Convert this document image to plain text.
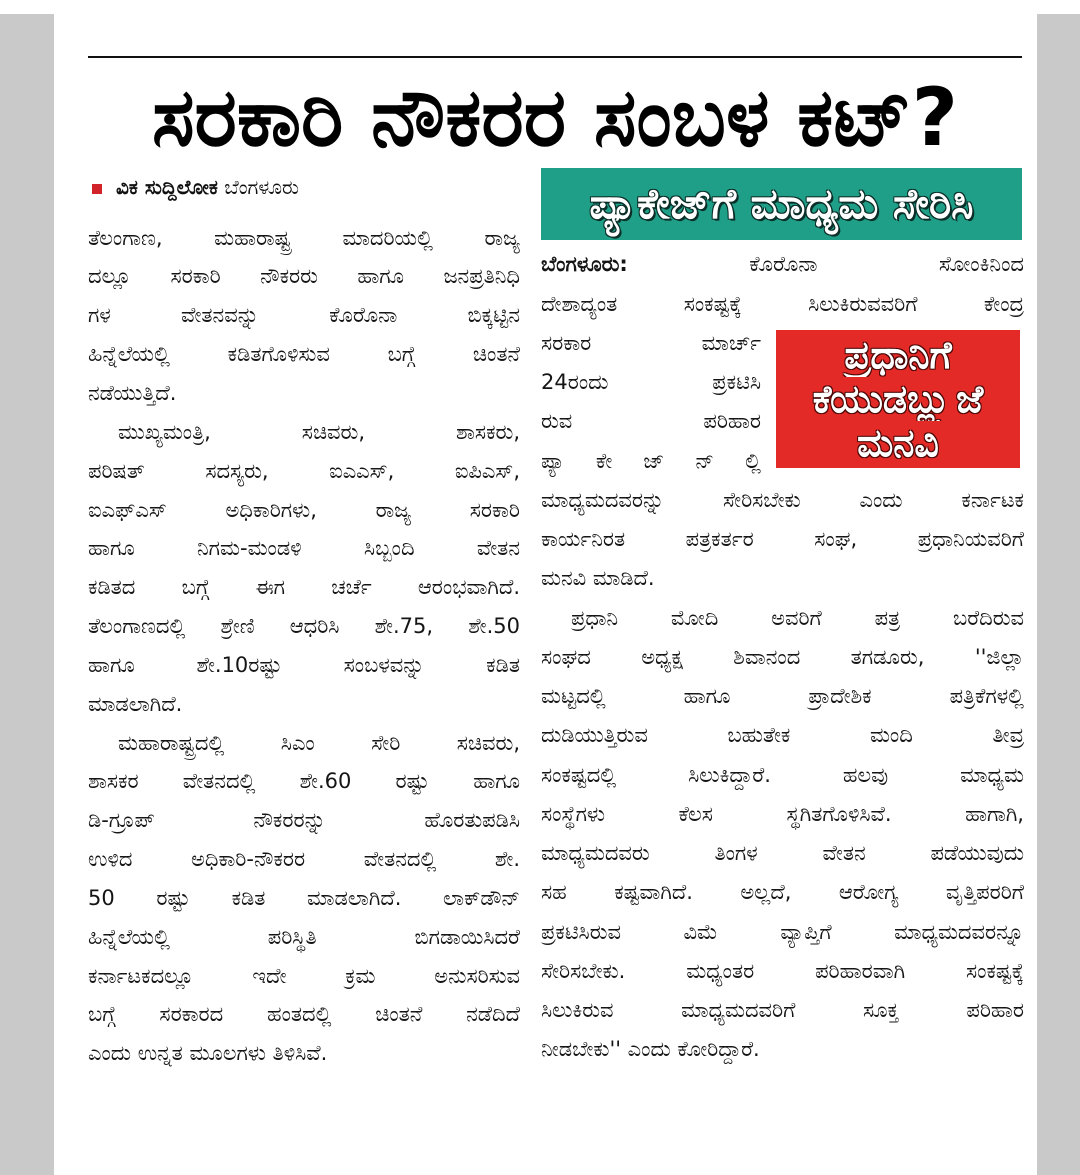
ಸರಕಾರಿ ನೌಕರರ ಸಂಬಳ ಕಟ್?
ವಿಕ ಸುದ್ದಿಲೋಕ ಬೆಂಗಳೂರು
ತೆಲಂಗಾಣ, ಮಹಾರಾಷ್ಟ್ರ ಮಾದರಿಯಲ್ಲಿ ರಾಜ್ಯ
ದಲ್ಲೂ ಸರಕಾರಿ ನೌಕರರು ಹಾಗೂ ಜನಪ್ರತಿನಿಧಿ
ಗಳ ವೇತನವನ್ನು ಕೊರೊನಾ ಬಿಕ್ಕಟ್ಟಿನ
ಹಿನ್ನೆಲೆಯಲ್ಲಿ ಕಡಿತಗೊಳಿಸುವ ಬಗ್ಗೆ ಚಿಂತನೆ
ನಡೆಯುತ್ತಿದೆ.
ಮುಖ್ಯಮಂತ್ರಿ, ಸಚಿವರು, ಶಾಸಕರು,
ಪರಿಷತ್ ಸದಸ್ಯರು, ಐಎಎಸ್, ಐಪಿಎಸ್,
ಐಎಫ್‌ಎಸ್ ಅಧಿಕಾರಿಗಳು, ರಾಜ್ಯ ಸರಕಾರಿ
ಹಾಗೂ ನಿಗಮ-ಮಂಡಳಿ ಸಿಬ್ಬಂದಿ ವೇತನ
ಕಡಿತದ ಬಗ್ಗೆ ಈಗ ಚರ್ಚೆ ಆರಂಭವಾಗಿದೆ.
ತೆಲಂಗಾಣದಲ್ಲಿ ಶ್ರೇಣಿ ಆಧರಿಸಿ ಶೇ.75, ಶೇ.50
ಹಾಗೂ ಶೇ.10ರಷ್ಟು ಸಂಬಳವನ್ನು ಕಡಿತ
ಮಾಡಲಾಗಿದೆ.
ಮಹಾರಾಷ್ಟ್ರದಲ್ಲಿ ಸಿಎಂ ಸೇರಿ ಸಚಿವರು,
ಶಾಸಕರ ವೇತನದಲ್ಲಿ ಶೇ.60 ರಷ್ಟು ಹಾಗೂ
ಡಿ-ಗ್ರೂಪ್ ನೌಕರರನ್ನು ಹೊರತುಪಡಿಸಿ
ಉಳಿದ ಅಧಿಕಾರಿ-ನೌಕರರ ವೇತನದಲ್ಲಿ ಶೇ.
50 ರಷ್ಟು ಕಡಿತ ಮಾಡಲಾಗಿದೆ. ಲಾಕ್‌ಡೌನ್
ಹಿನ್ನೆಲೆಯಲ್ಲಿ ಪರಿಸ್ಥಿತಿ ಬಿಗಡಾಯಿಸಿದರೆ
ಕರ್ನಾಟಕದಲ್ಲೂ ಇದೇ ಕ್ರಮ ಅನುಸರಿಸುವ
ಬಗ್ಗೆ ಸರಕಾರದ ಹಂತದಲ್ಲಿ ಚಿಂತನೆ ನಡೆದಿದೆ
ಎಂದು ಉನ್ನತ ಮೂಲಗಳು ತಿಳಿಸಿವೆ.
ಪ್ಯಾಕೇಜ್‌ಗೆ ಮಾಧ್ಯಮ ಸೇರಿಸಿ
ಬೆಂಗಳೂರು:	ಕೊರೊನಾ ಸೋಂಕಿನಿಂದ
ದೇಶಾದ್ಯಂತ ಸಂಕಷ್ಟಕ್ಕೆ ಸಿಲುಕಿರುವವರಿಗೆ ಕೇಂದ್ರ
ಸರಕಾರ ಮಾರ್ಚ್
24ರಂದು ಪ್ರಕಟಿಸಿ
ರುವ ಪರಿಹಾರ
ಪ್ಯಾ ಕೇ ಜ್ ನ್ ಲ್ಲಿ
ಮಾಧ್ಯಮದವರನ್ನು ಸೇರಿಸಬೇಕು ಎಂದು ಕರ್ನಾಟಕ
ಕಾರ್ಯನಿರತ ಪತ್ರಕರ್ತರ ಸಂಘ, ಪ್ರಧಾನಿಯವರಿಗೆ
ಮನವಿ ಮಾಡಿದೆ.
ಪ್ರಧಾನಿ ಮೋದಿ ಅವರಿಗೆ ಪತ್ರ ಬರೆದಿರುವ
ಸಂಘದ ಅಧ್ಯಕ್ಷ ಶಿವಾನಂದ ತಗಡೂರು, ''ಜಿಲ್ಲಾ
ಮಟ್ಟದಲ್ಲಿ ಹಾಗೂ ಪ್ರಾದೇಶಿಕ ಪತ್ರಿಕೆಗಳಲ್ಲಿ
ದುಡಿಯುತ್ತಿರುವ ಬಹುತೇಕ ಮಂದಿ ತೀವ್ರ
ಸಂಕಷ್ಟದಲ್ಲಿ ಸಿಲುಕಿದ್ದಾರೆ. ಹಲವು ಮಾಧ್ಯಮ
ಸಂಸ್ಥೆಗಳು ಕೆಲಸ ಸ್ಥಗಿತಗೊಳಿಸಿವೆ. ಹಾಗಾಗಿ,
ಮಾಧ್ಯಮದವರು ತಿಂಗಳ ವೇತನ ಪಡೆಯುವುದು
ಸಹ ಕಷ್ಟವಾಗಿದೆ. ಅಲ್ಲದೆ, ಆರೋಗ್ಯ ವೃತ್ತಿಪರರಿಗೆ
ಪ್ರಕಟಿಸಿರುವ ವಿಮೆ ವ್ಯಾಪ್ತಿಗೆ ಮಾಧ್ಯಮದವರನ್ನೂ
ಸೇರಿಸಬೇಕು. ಮಧ್ಯಂತರ ಪರಿಹಾರವಾಗಿ ಸಂಕಷ್ಟಕ್ಕೆ
ಸಿಲುಕಿರುವ ಮಾಧ್ಯಮದವರಿಗೆ ಸೂಕ್ತ ಪರಿಹಾರ
ನೀಡಬೇಕು'' ಎಂದು ಕೋರಿದ್ದಾರೆ.
ಪ್ರಧಾನಿಗೆ
ಕೆಯುಡಬ್ಲ್ಯುಜೆ
ಮನವಿ
